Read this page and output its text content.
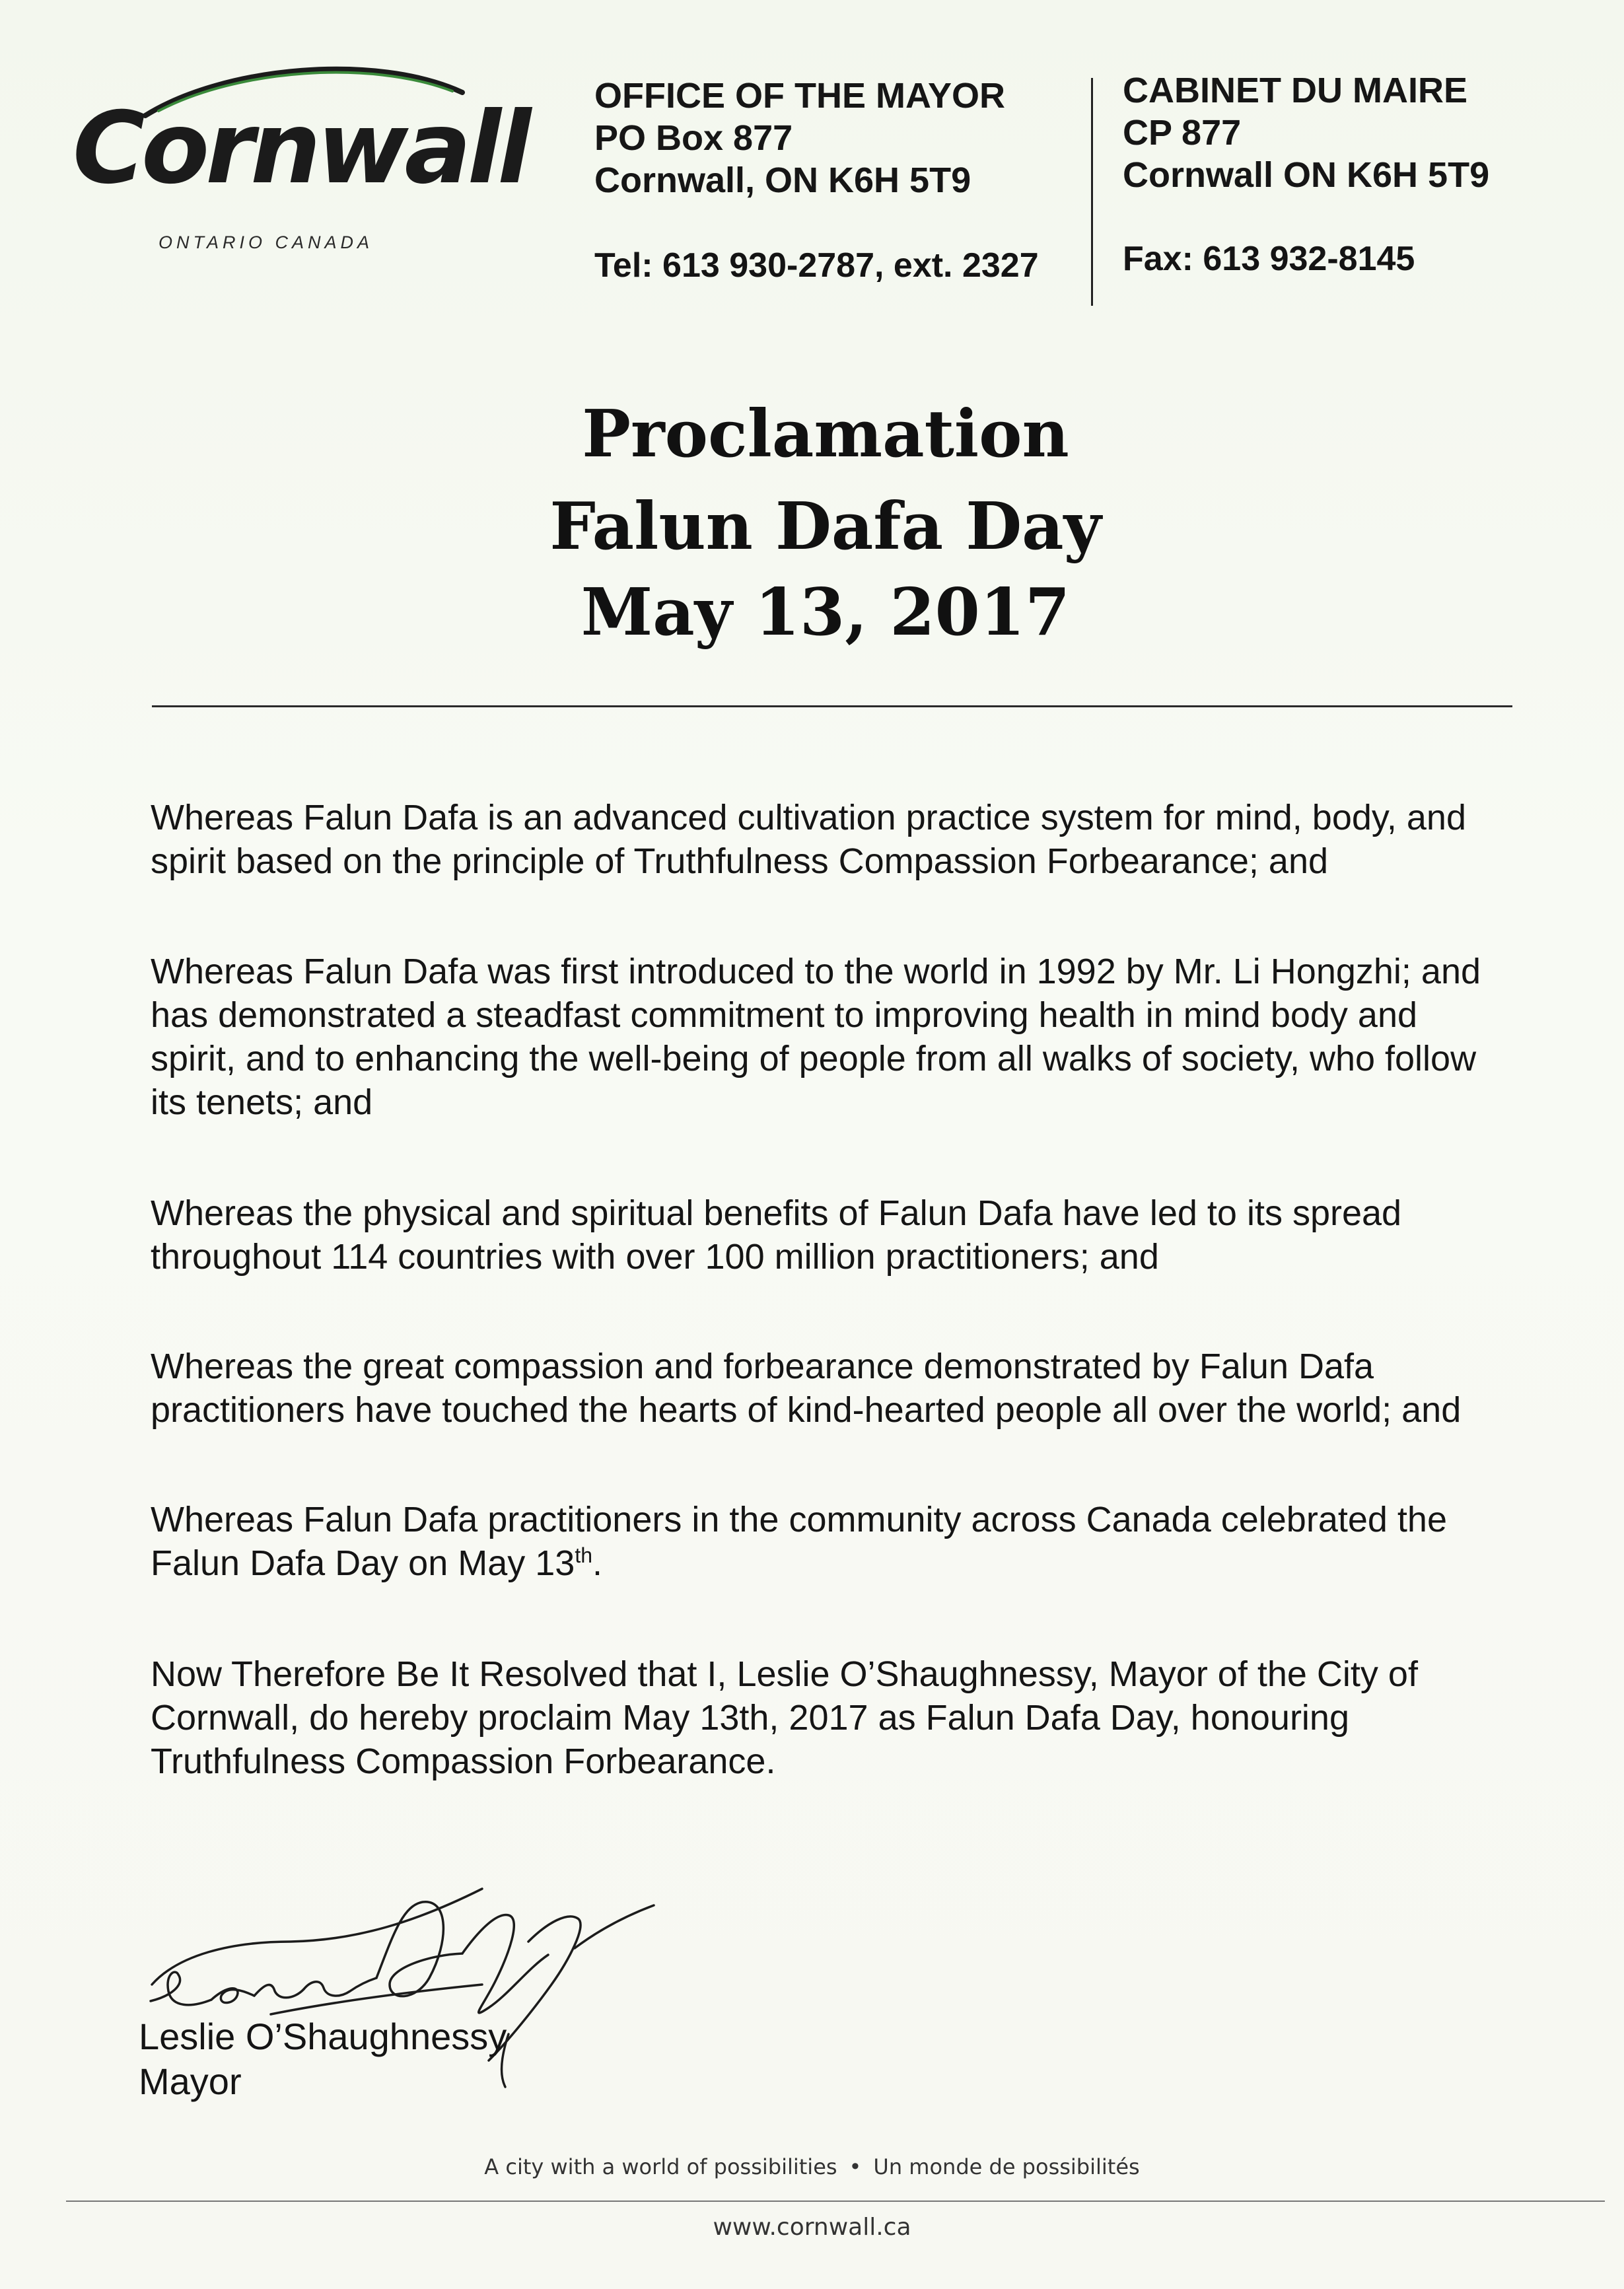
Cornwall
ONTARIO CANADA
OFFICE OF THE MAYOR
PO Box 877
Cornwall, ON K6H 5T9
Tel: 613 930-2787, ext. 2327
CABINET DU MAIRE
CP 877
Cornwall ON K6H 5T9
Fax: 613 932-8145
Proclamation
Falun Dafa Day
May 13, 2017
Whereas Falun Dafa is an advanced cultivation practice system for mind, body, and
spirit based on the principle of Truthfulness Compassion Forbearance; and
Whereas Falun Dafa was first introduced to the world in 1992 by Mr. Li Hongzhi; and
has demonstrated a steadfast commitment to improving health in mind body and
spirit, and to enhancing the well-being of people from all walks of society, who follow
its tenets; and
Whereas the physical and spiritual benefits of Falun Dafa have led to its spread
throughout 114 countries with over 100 million practitioners; and
Whereas the great compassion and forbearance demonstrated by Falun Dafa
practitioners have touched the hearts of kind-hearted people all over the world; and
Whereas Falun Dafa practitioners in the community across Canada celebrated the
Falun Dafa Day on May 13th.
Now Therefore Be It Resolved that I, Leslie O’Shaughnessy, Mayor of the City of
Cornwall, do hereby proclaim May 13th, 2017 as Falun Dafa Day, honouring
Truthfulness Compassion Forbearance.
Leslie O’Shaughnessy
Mayor
A city with a world of possibilities • Un monde de possibilités
www.cornwall.ca
